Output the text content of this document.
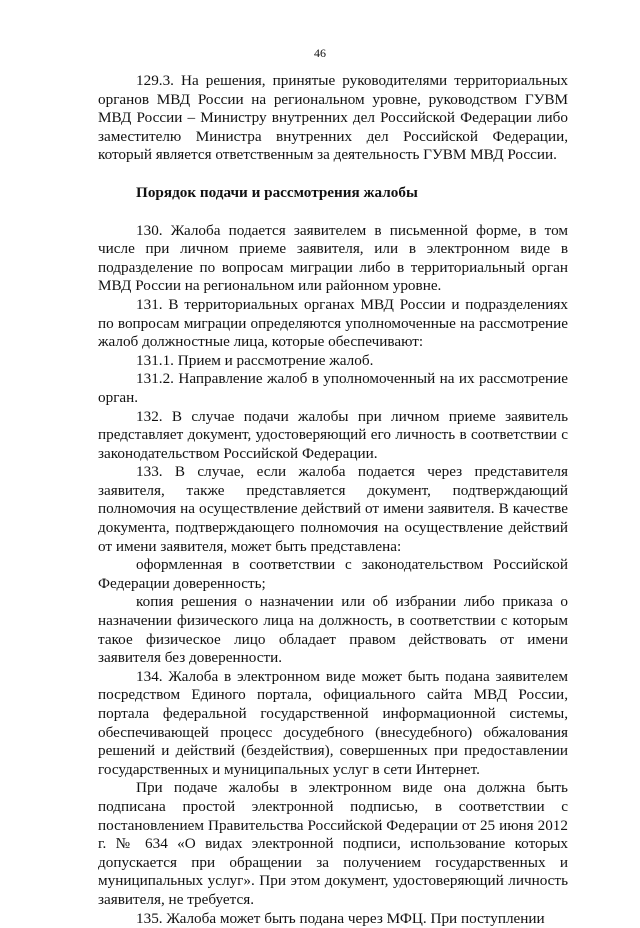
46

129.3. На решения, принятые руководителями территориальных органов МВД России на региональном уровне, руководством ГУВМ МВД России – Министру внутренних дел Российской Федерации либо заместителю Министра внутренних дел Российской Федерации, который является ответственным за деятельность ГУВМ МВД России.

Порядок подачи и рассмотрения жалобы

130. Жалоба подается заявителем в письменной форме, в том числе при личном приеме заявителя, или в электронном виде в подразделение по вопросам миграции либо в территориальный орган МВД России на региональном или районном уровне.

131. В территориальных органах МВД России и подразделениях по вопросам миграции определяются уполномоченные на рассмотрение жалоб должностные лица, которые обеспечивают:

131.1. Прием и рассмотрение жалоб.

131.2. Направление жалоб в уполномоченный на их рассмотрение орган.

132. В случае подачи жалобы при личном приеме заявитель представляет документ, удостоверяющий его личность в соответствии с законодательством Российской Федерации.

133. В случае, если жалоба подается через представителя заявителя, также представляется документ, подтверждающий полномочия на осуществление действий от имени заявителя. В качестве документа, подтверждающего полномочия на осуществление действий от имени заявителя, может быть представлена:

оформленная в соответствии с законодательством Российской Федерации доверенность;

копия решения о назначении или об избрании либо приказа о назначении физического лица на должность, в соответствии с которым такое физическое лицо обладает правом действовать от имени заявителя без доверенности.

134. Жалоба в электронном виде может быть подана заявителем посредством Единого портала, официального сайта МВД России, портала федеральной государственной информационной системы, обеспечивающей процесс досудебного (внесудебного) обжалования решений и действий (бездействия), совершенных при предоставлении государственных и муниципальных услуг в сети Интернет.

При подаче жалобы в электронном виде она должна быть подписана простой электронной подписью, в соответствии с постановлением Правительства Российской Федерации от 25 июня 2012 г. № 634 «О видах электронной подписи, использование которых допускается при обращении за получением государственных и муниципальных услуг». При этом документ, удостоверяющий личность заявителя, не требуется.

135. Жалоба может быть подана через МФЦ. При поступлении
